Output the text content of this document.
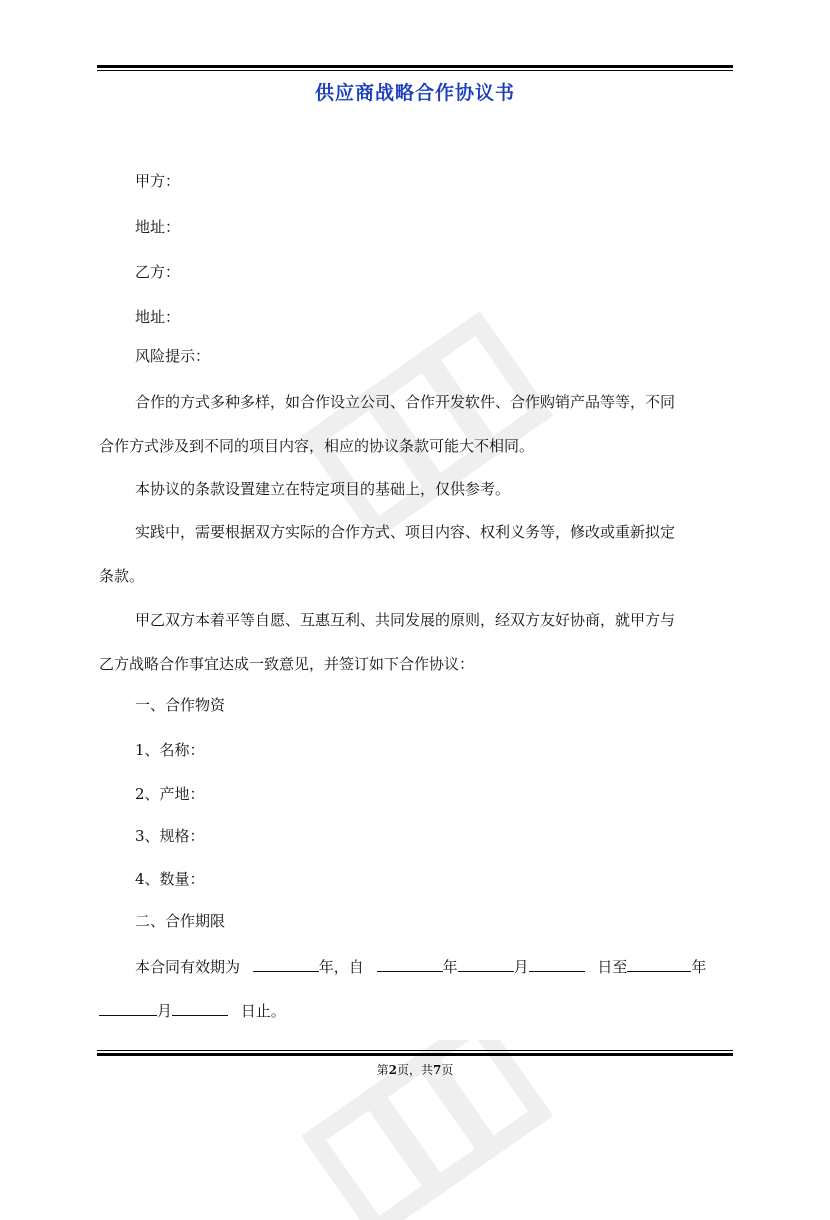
供应商战略合作协议书
甲方：
地址：
乙方：
地址：
风险提示：
合作的方式多种多样，如合作设立公司、合作开发软件、合作购销产品等等，不同
合作方式涉及到不同的项目内容，相应的协议条款可能大不相同。
本协议的条款设置建立在特定项目的基础上，仅供参考。
实践中，需要根据双方实际的合作方式、项目内容、权利义务等，修改或重新拟定
条款。
甲乙双方本着平等自愿、互惠互利、共同发展的原则，经双方友好协商，就甲方与
乙方战略合作事宜达成一致意见，并签订如下合作协议：
一、合作物资
1、名称：
2、产地：
3、规格：
4、数量：
二、合作期限
本合同有效期为	年，自	年	月	日至	年
月	日止。
第2页，共7页
